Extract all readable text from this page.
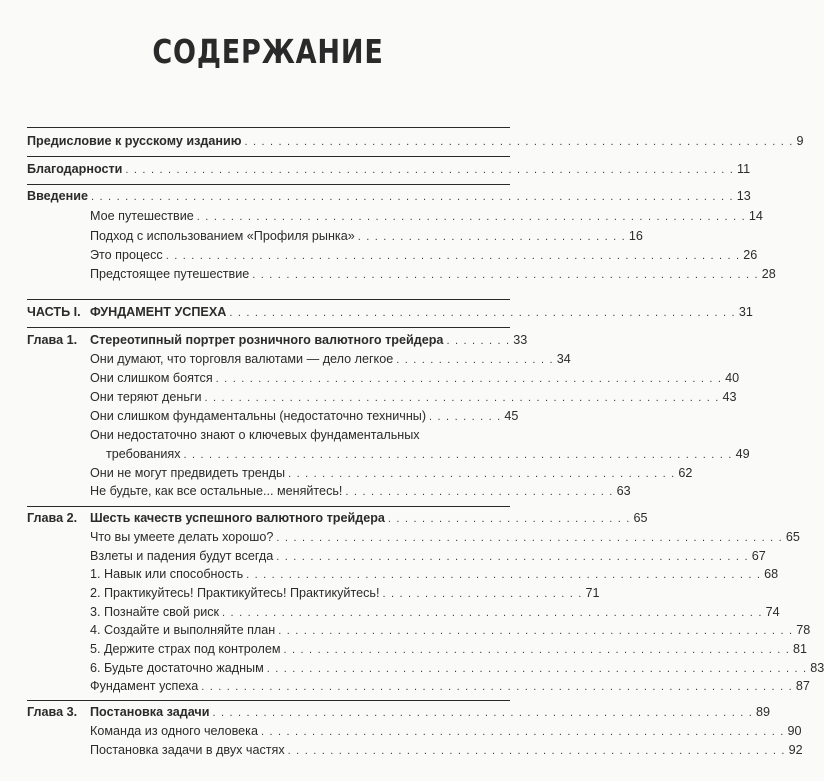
СОДЕРЖАНИЕ
Предисловие к русскому изданию . . . . . . . . . . . . . . . . . . . . . . . . . . . . . . . . . . . . . . . . . . . . . . . . . . . . . . . . . . . . . . . . . 9
Благодарности . . . . . . . . . . . . . . . . . . . . . . . . . . . . . . . . . . . . . . . . . . . . . . . . . . . . . . . . . . . . . . . . . . . . . . . . 11
Введение . . . . . . . . . . . . . . . . . . . . . . . . . . . . . . . . . . . . . . . . . . . . . . . . . . . . . . . . . . . . . . . . . . . . . . . . . . . . 13
Мое путешествие . . . . . . . . . . . . . . . . . . . . . . . . . . . . . . . . . . . . . . . . . . . . . . . . . . . . . . . . . . . . . . . . . 14
Подход с использованием «Профиля рынка» . . . . . . . . . . . . . . . . . . . . . . . . . . . . . . . . 16
Это процесс . . . . . . . . . . . . . . . . . . . . . . . . . . . . . . . . . . . . . . . . . . . . . . . . . . . . . . . . . . . . . . . . . . . . 26
Предстоящее путешествие . . . . . . . . . . . . . . . . . . . . . . . . . . . . . . . . . . . . . . . . . . . . . . . . . . . . . . . . . . . . 28
ЧАСТЬ I. ФУНДАМЕНТ УСПЕХА . . . . . . . . . . . . . . . . . . . . . . . . . . . . . . . . . . . . . . . . . . . . . . . . . . . . . . . . . . . . 31
Глава 1. Стереотипный портрет розничного валютного трейдера . . . . . . . . 33
Они думают, что торговля валютами — дело легкое . . . . . . . . . . . . . . . . . . . 34
Они слишком боятся . . . . . . . . . . . . . . . . . . . . . . . . . . . . . . . . . . . . . . . . . . . . . . . . . . . . . . . . . . . . 40
Они теряют деньги . . . . . . . . . . . . . . . . . . . . . . . . . . . . . . . . . . . . . . . . . . . . . . . . . . . . . . . . . . . . . 43
Они слишком фундаментальны (недостаточно техничны) . . . . . . . . . 45
Они недостаточно знают о ключевых фундаментальных
требованиях . . . . . . . . . . . . . . . . . . . . . . . . . . . . . . . . . . . . . . . . . . . . . . . . . . . . . . . . . . . . . . . . . 49
Они не могут предвидеть тренды . . . . . . . . . . . . . . . . . . . . . . . . . . . . . . . . . . . . . . . . . . . . . . 62
Не будьте, как все остальные... меняйтесь! . . . . . . . . . . . . . . . . . . . . . . . . . . . . . . . . 63
Глава 2. Шесть качеств успешного валютного трейдера . . . . . . . . . . . . . . . . . . . . . . . . . . . . . 65
Что вы умеете делать хорошо? . . . . . . . . . . . . . . . . . . . . . . . . . . . . . . . . . . . . . . . . . . . . . . . . . . . . . . . . . . . . 65
Взлеты и падения будут всегда . . . . . . . . . . . . . . . . . . . . . . . . . . . . . . . . . . . . . . . . . . . . . . . . . . . . . . . . 67
1. Навык или способность . . . . . . . . . . . . . . . . . . . . . . . . . . . . . . . . . . . . . . . . . . . . . . . . . . . . . . . . . . . . . 68
2. Практикуйтесь! Практикуйтесь! Практикуйтесь! . . . . . . . . . . . . . . . . . . . . . . . . 71
3. Познайте свой риск . . . . . . . . . . . . . . . . . . . . . . . . . . . . . . . . . . . . . . . . . . . . . . . . . . . . . . . . . . . . . . . . 74
4. Создайте и выполняйте план . . . . . . . . . . . . . . . . . . . . . . . . . . . . . . . . . . . . . . . . . . . . . . . . . . . . . . . . . . . . . 78
5. Держите страх под контролем . . . . . . . . . . . . . . . . . . . . . . . . . . . . . . . . . . . . . . . . . . . . . . . . . . . . . . . . . . . . 81
6. Будьте достаточно жадным . . . . . . . . . . . . . . . . . . . . . . . . . . . . . . . . . . . . . . . . . . . . . . . . . . . . . . . . . . . . . . . . 83
Фундамент успеха . . . . . . . . . . . . . . . . . . . . . . . . . . . . . . . . . . . . . . . . . . . . . . . . . . . . . . . . . . . . . . . . . . . . . . 87
Глава 3. Постановка задачи . . . . . . . . . . . . . . . . . . . . . . . . . . . . . . . . . . . . . . . . . . . . . . . . . . . . . . . . . . . . . . . . 89
Команда из одного человека . . . . . . . . . . . . . . . . . . . . . . . . . . . . . . . . . . . . . . . . . . . . . . . . . . . . . . . . . . . . . . 90
Постановка задачи в двух частях . . . . . . . . . . . . . . . . . . . . . . . . . . . . . . . . . . . . . . . . . . . . . . . . . . . . . . . . . . . 92
